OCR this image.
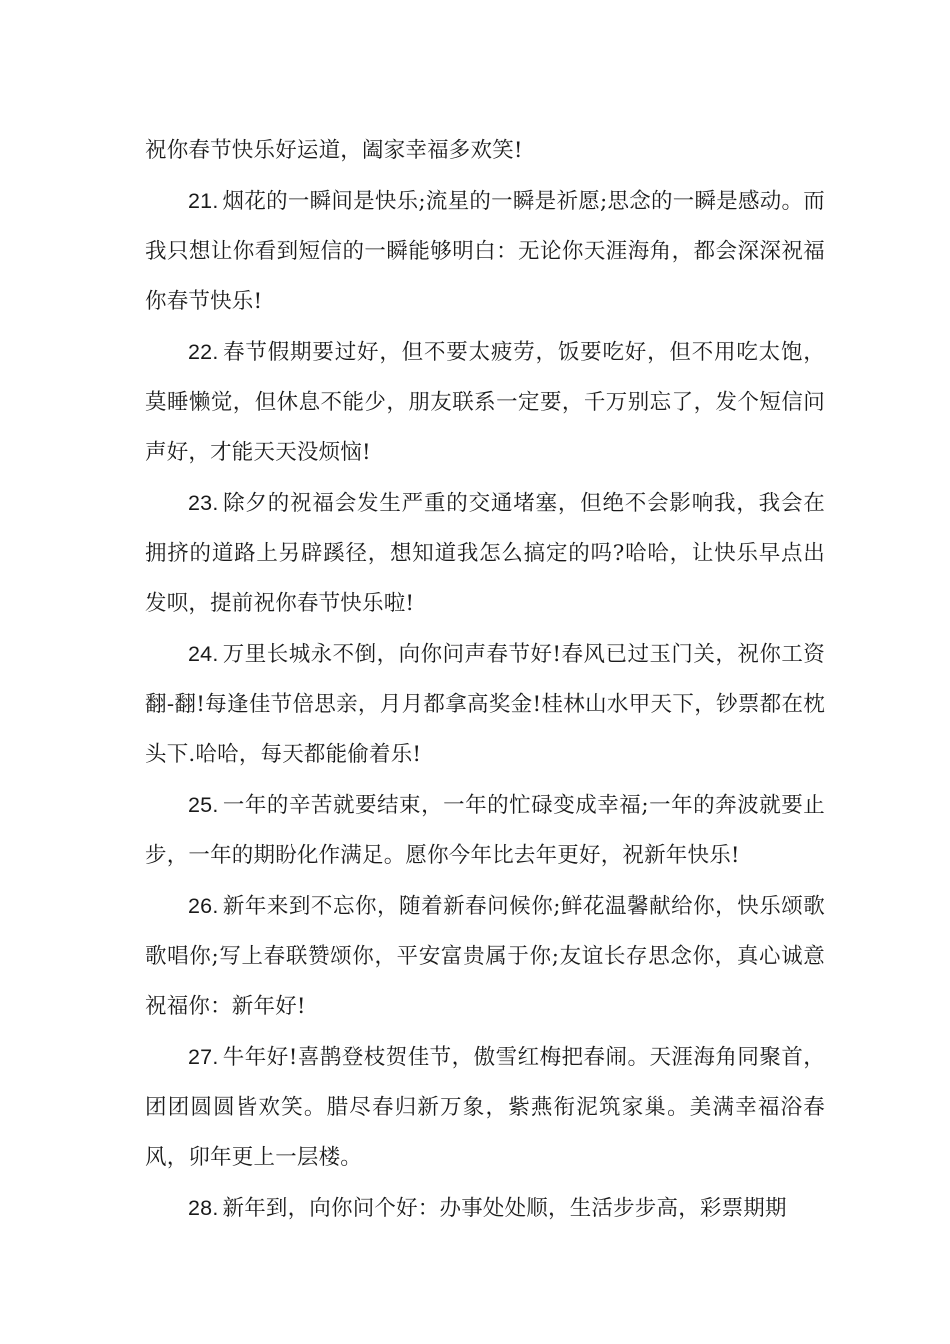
祝你春节快乐好运道，阖家幸福多欢笑!

21. 烟花的一瞬间是快乐;流星的一瞬是祈愿;思念的一瞬是感动。而我只想让你看到短信的一瞬能够明白：无论你天涯海角，都会深深祝福你春节快乐!

22. 春节假期要过好，但不要太疲劳，饭要吃好，但不用吃太饱，莫睡懒觉，但休息不能少，朋友联系一定要，千万别忘了，发个短信问声好，才能天天没烦恼!

23. 除夕的祝福会发生严重的交通堵塞，但绝不会影响我，我会在拥挤的道路上另辟蹊径，想知道我怎么搞定的吗?哈哈，让快乐早点出发呗，提前祝你春节快乐啦!

24. 万里长城永不倒，向你问声春节好!春风已过玉门关，祝你工资翻-翻!每逢佳节倍思亲，月月都拿高奖金!桂林山水甲天下，钞票都在枕头下.哈哈，每天都能偷着乐!

25. 一年的辛苦就要结束，一年的忙碌变成幸福;一年的奔波就要止步，一年的期盼化作满足。愿你今年比去年更好，祝新年快乐!

26. 新年来到不忘你，随着新春问候你;鲜花温馨献给你，快乐颂歌歌唱你;写上春联赞颂你，平安富贵属于你;友谊长存思念你，真心诚意祝福你：新年好!

27. 牛年好!喜鹊登枝贺佳节，傲雪红梅把春闹。天涯海角同聚首，团团圆圆皆欢笑。腊尽春归新万象，紫燕衔泥筑家巢。美满幸福浴春风，卯年更上一层楼。

28. 新年到，向你问个好：办事处处顺，生活步步高，彩票期期
